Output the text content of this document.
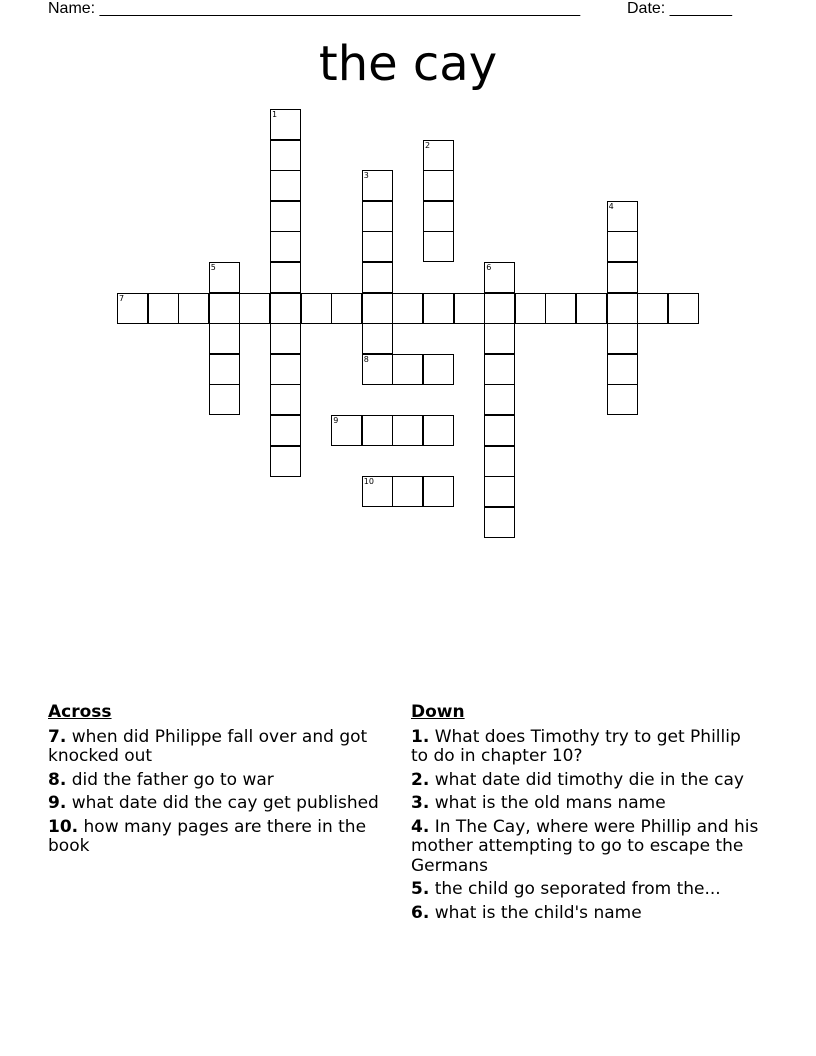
Name: ______________________________________________________	Date: _______
the cay
1
2
3
4
5	6
7
8
9
10
Across
7. when did Philippe fall over and got knocked out
8. did the father go to war
9. what date did the cay get published
10. how many pages are there in the book
Down
1. What does Timothy try to get Phillip to do in chapter 10?
2. what date did timothy die in the cay
3. what is the old mans name
4. In The Cay, where were Phillip and his mother attempting to go to escape the Germans
5. the child go seporated from the...
6. what is the child's name
